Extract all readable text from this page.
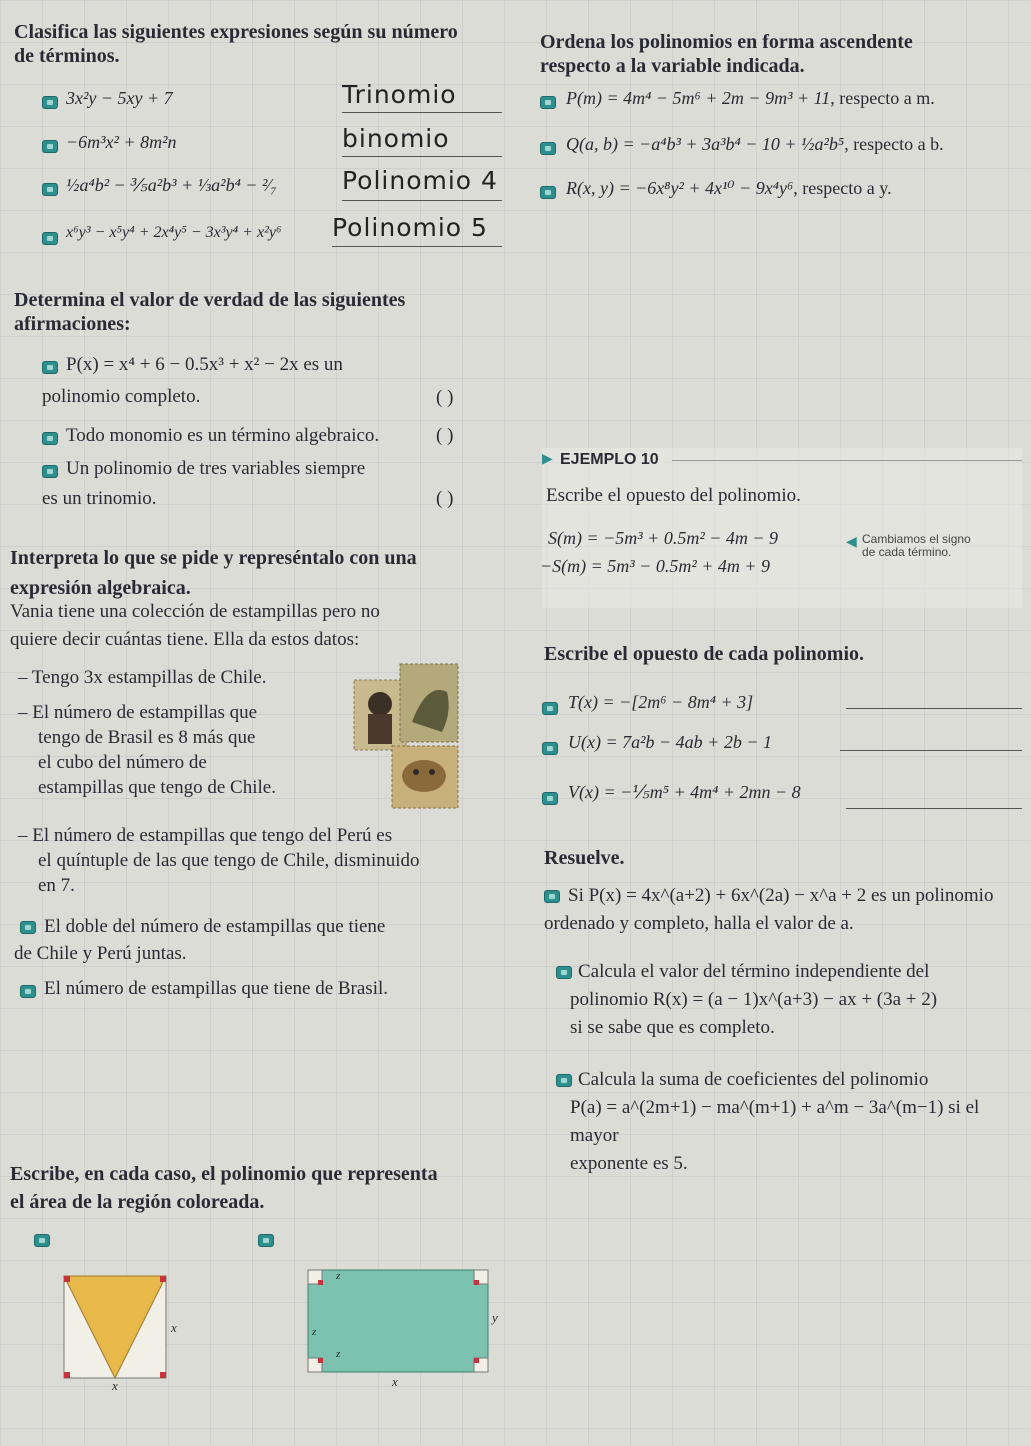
Clasifica las siguientes expresiones según su número
de términos.
3x²y − 5xy + 7	Trinomio
−6m³x² + 8m²n	binomio
½a⁴b² − ⅗a²b³ + ⅓a²b⁴ − ²⁄₇	Polinomio 4
x⁶y³ − x⁵y⁴ + 2x⁴y⁵ − 3x³y⁴ + x²y⁶ Polinomio 5
Ordena los polinomios en forma ascendente
respecto a la variable indicada.
P(m) = 4m⁴ − 5m⁶ + 2m − 9m³ + 11, respecto a m.
Q(a, b) = −a⁴b³ + 3a³b⁴ − 10 + ½a²b⁵, respecto a b.
R(x, y) = −6x⁸y² + 4x¹⁰ − 9x⁴y⁶, respecto a y.
Determina el valor de verdad de las siguientes
afirmaciones:
P(x) = x⁴ + 6 − 0.5x³ + x² − 2x es un
polinomio completo.	( )
Todo monomio es un término algebraico.	( )
Un polinomio de tres variables siempre
es un trinomio.	( )
▶ EJEMPLO 10
Escribe el opuesto del polinomio.
S(m) = −5m³ + 0.5m² − 4m − 9
−S(m) = 5m³ − 0.5m² + 4m + 9
◀ Cambiamos el signo
de cada término.
Interpreta lo que se pide y represéntalo con una
expresión algebraica.
Vania tiene una colección de estampillas pero no
quiere decir cuántas tiene. Ella da estos datos:
– Tengo 3x estampillas de Chile.
– El número de estampillas que
tengo de Brasil es 8 más que
el cubo del número de
estampillas que tengo de Chile.
– El número de estampillas que tengo del Perú es
el quíntuple de las que tengo de Chile, disminuido
en 7.
El doble del número de estampillas que tiene
de Chile y Perú juntas.
El número de estampillas que tiene de Brasil.
Escribe el opuesto de cada polinomio.
T(x) = −[2m⁶ − 8m⁴ + 3]
U(x) = 7a²b − 4ab + 2b − 1
V(x) = −⅕m⁵ + 4m⁴ + 2mn − 8
Resuelve.
Si P(x) = 4x^(a+2) + 6x^(2a) − x^a + 2 es un polinomio
ordenado y completo, halla el valor de a.
Calcula el valor del término independiente del
polinomio R(x) = (a − 1)x^(a+3) − ax + (3a + 2)
si se sabe que es completo.
Calcula la suma de coeficientes del polinomio
P(a) = a^(2m+1) − ma^(m+1) + a^m − 3a^(m−1) si el mayor
exponente es 5.
Escribe, en cada caso, el polinomio que representa
el área de la región coloreada.
x
x
z
z
z
y
x
